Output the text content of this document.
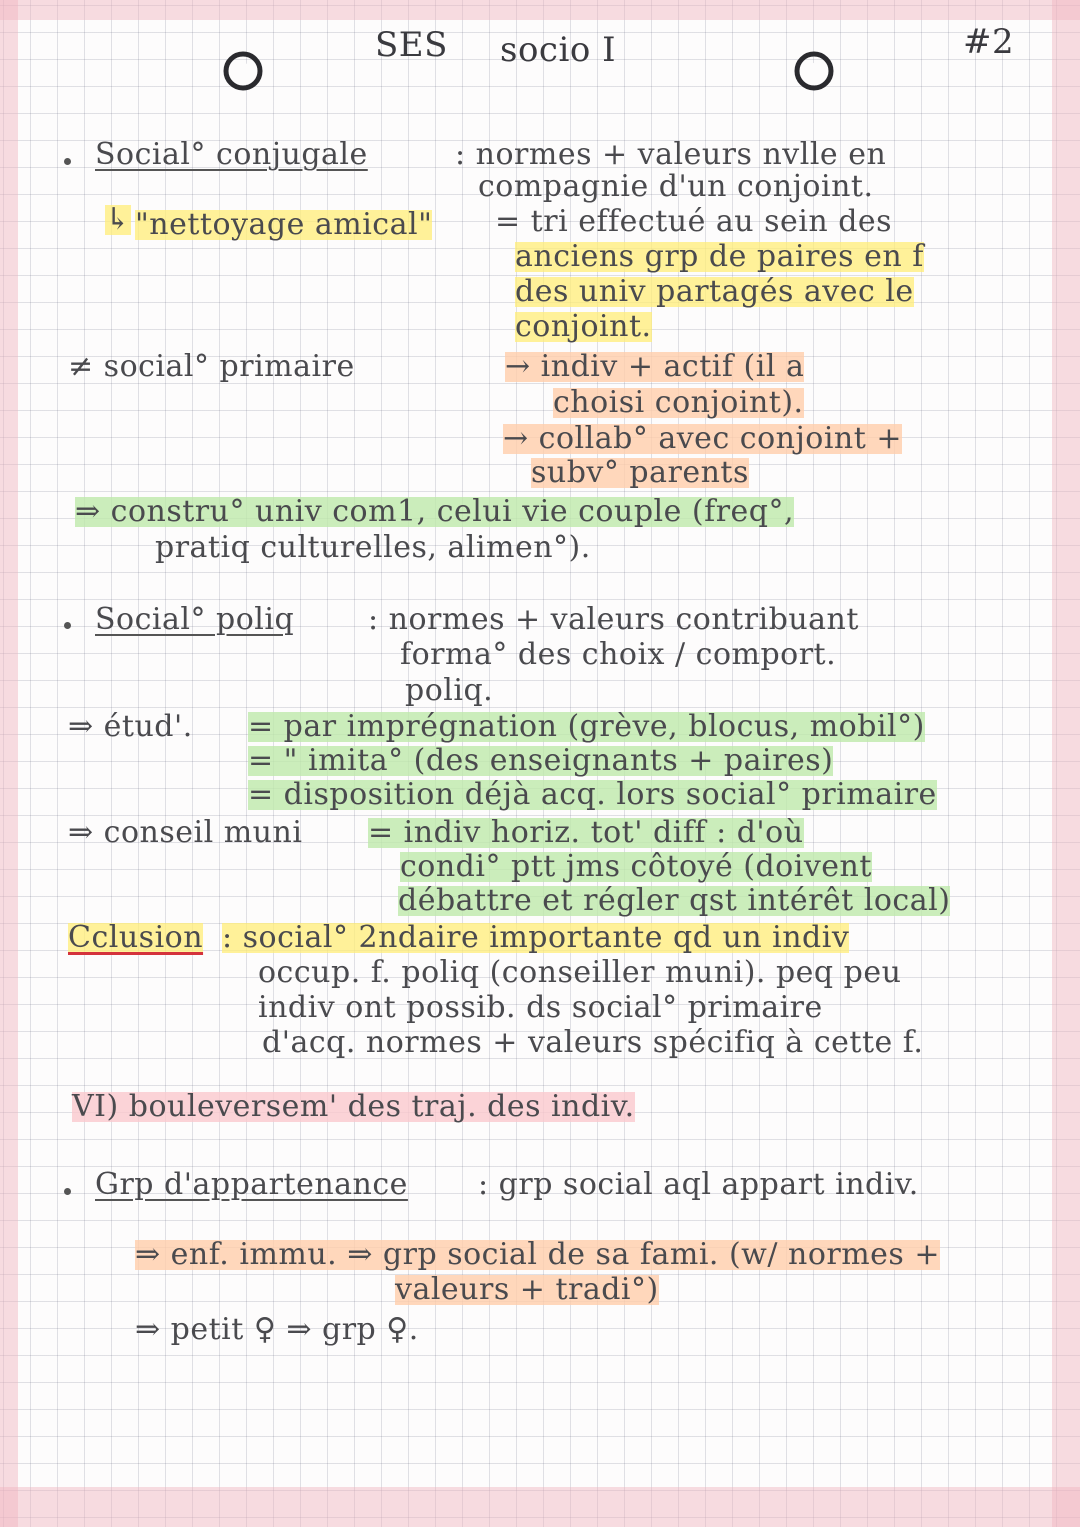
SES socio I	#2
Social° conjugale	: normes + valeurs nvlle en
compagnie d'un conjoint.
↳ "nettoyage amical" = tri effectué au sein des
anciens grp de paires en f
des univ partagés avec le
conjoint.
≠ social° primaire	→ indiv + actif (il a
choisi conjoint).
→ collab° avec conjoint +
subv° parents
⇒ constru° univ com1, celui vie couple (freq°,
pratiq culturelles, alimen°).
Social° poliq : normes + valeurs contribuant
forma° des choix / comport.
poliq.
⇒ étud'. = par imprégnation (grève, blocus, mobil°)
= " imita° (des enseignants + paires)
= disposition déjà acq. lors social° primaire
⇒ conseil muni = indiv horiz. tot' diff : d'où
condi° ptt jms côtoyé (doivent
débattre et régler qst intérêt local)
Cclusion : social° 2ndaire importante qd un indiv
occup. f. poliq (conseiller muni). peq peu
indiv ont possib. ds social° primaire
d'acq. normes + valeurs spécifiq à cette f.
VI) bouleversem' des traj. des indiv.
Grp d'appartenance : grp social aql appart indiv.
⇒ enf. immu. ⇒ grp social de sa fami. (w/ normes +
valeurs + tradi°)
⇒ petit ♀ ⇒ grp ♀.
